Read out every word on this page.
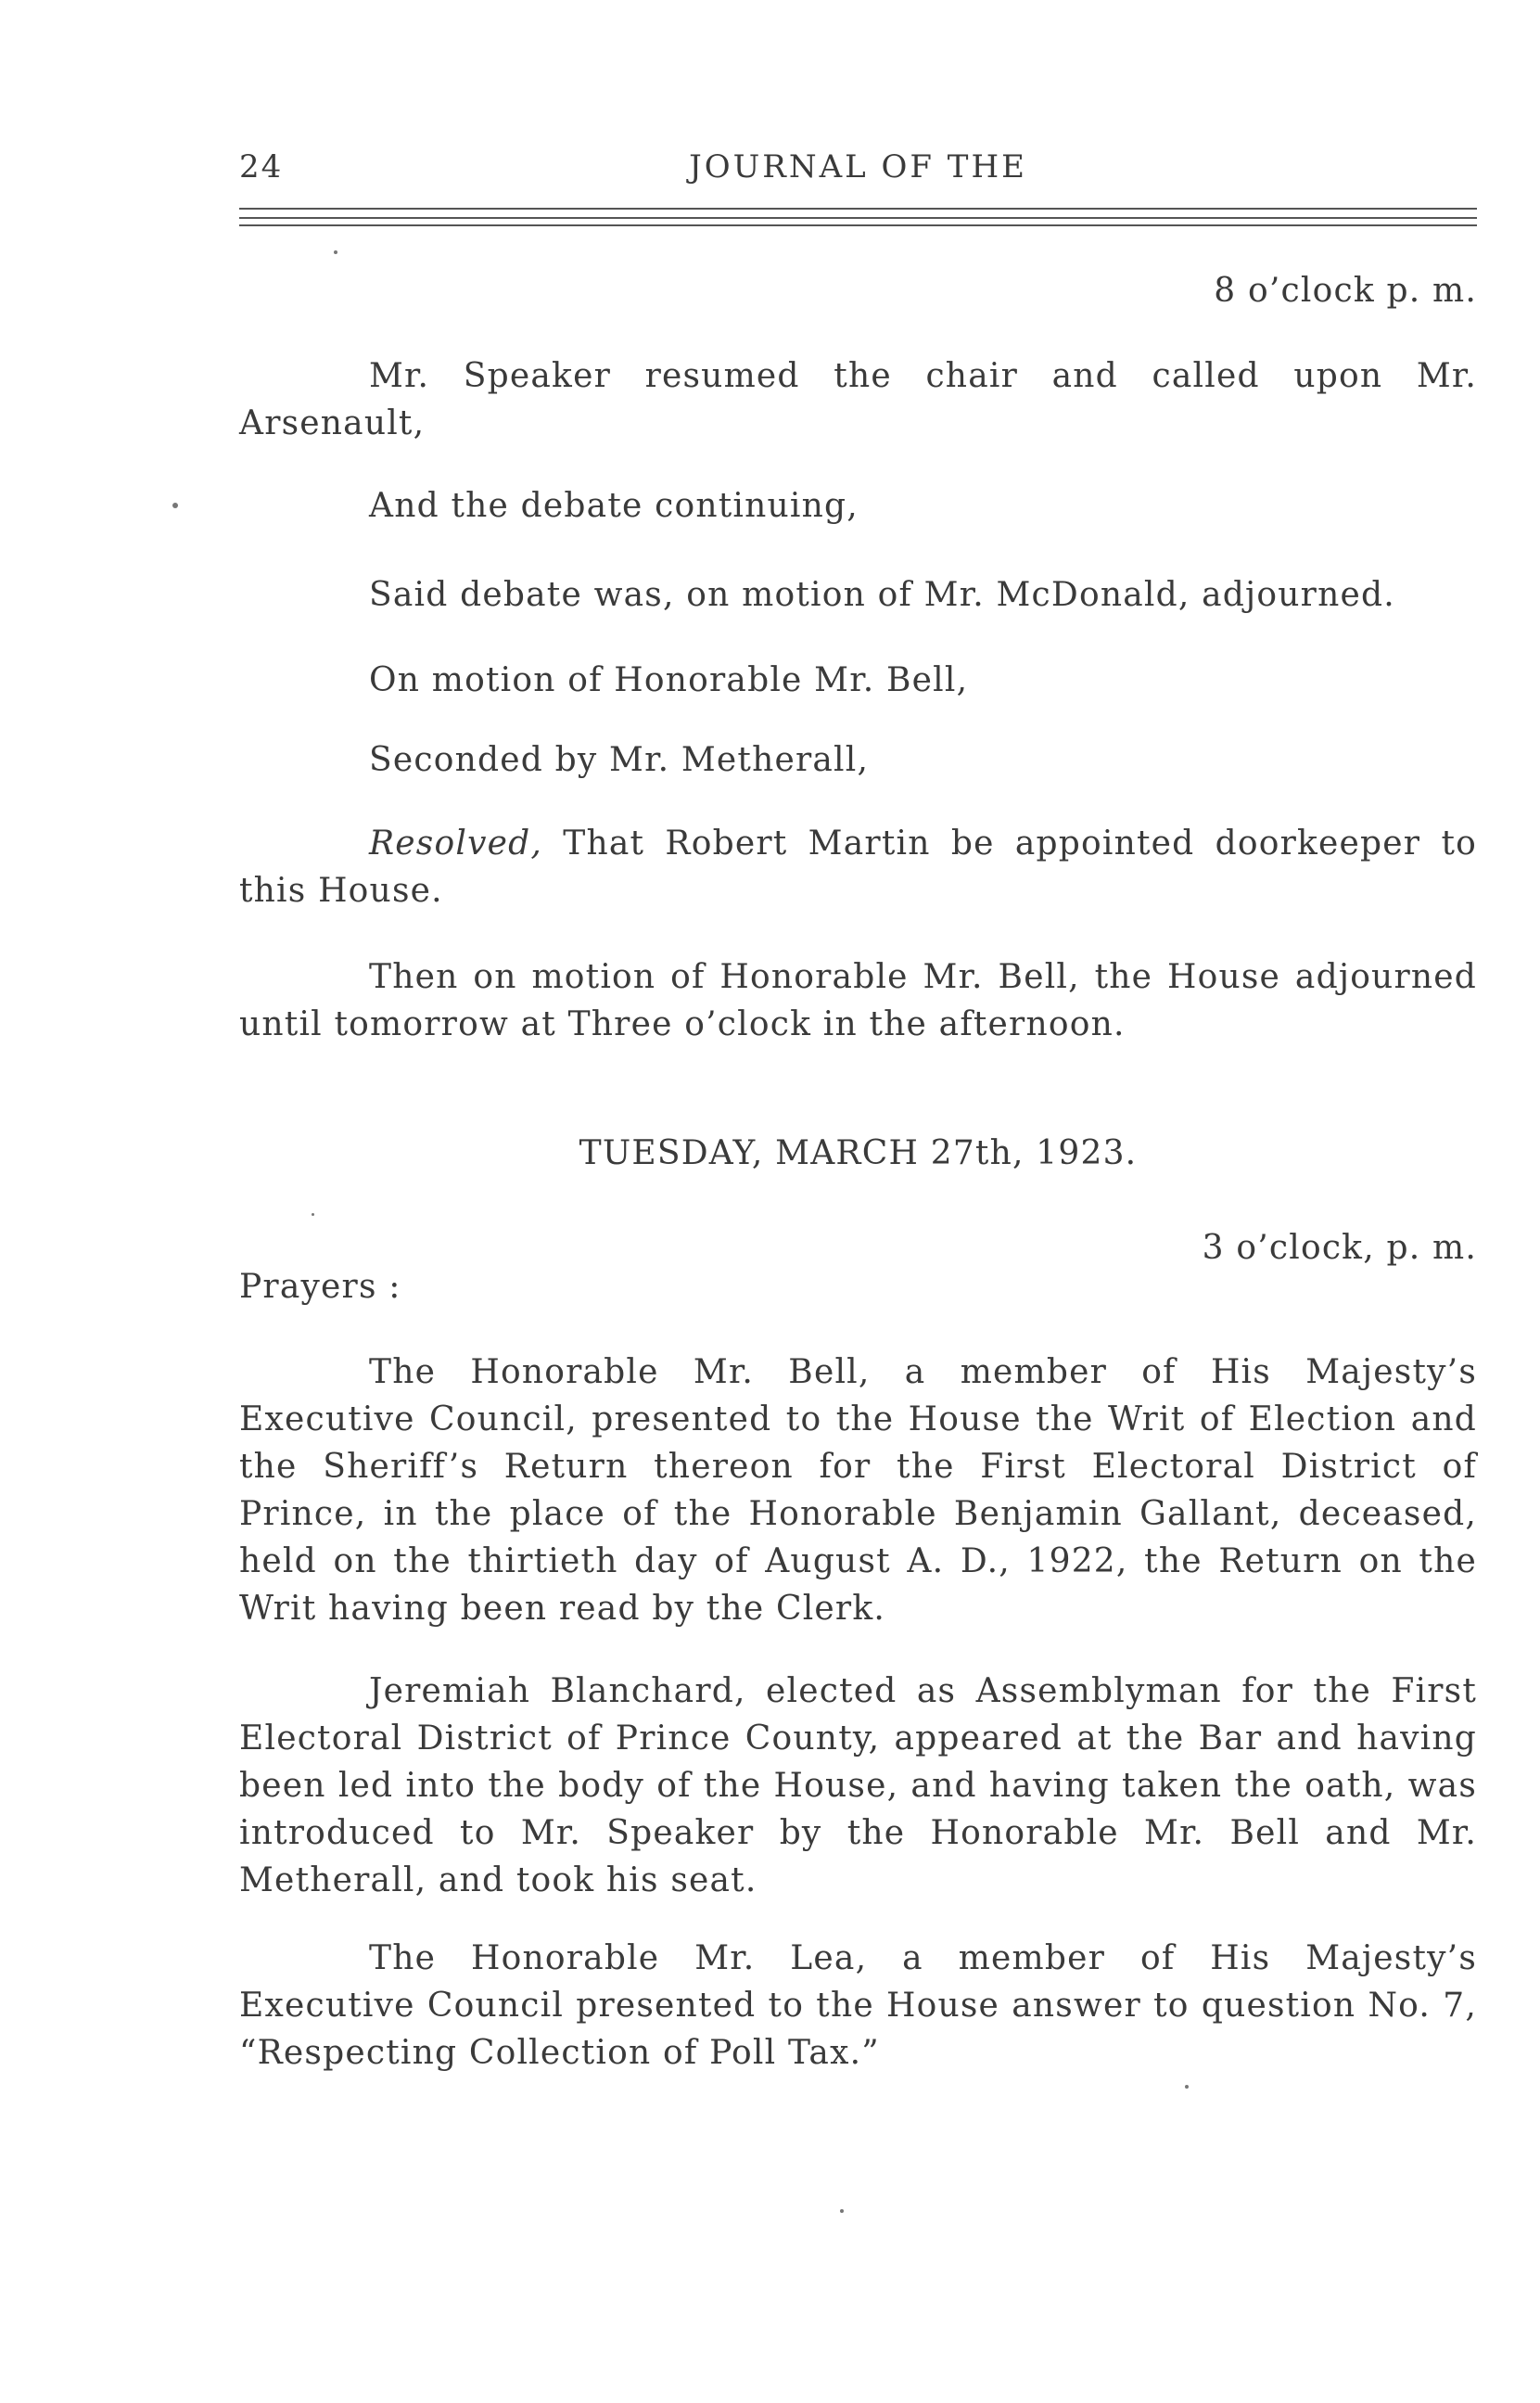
24	JOURNAL OF THE

8 o’clock p. m.

Mr. Speaker resumed the chair and called upon Mr. Arsenault,

And the debate continuing,

Said debate was, on motion of Mr. McDonald, adjourned.

On motion of Honorable Mr. Bell,

Seconded by Mr. Metherall,

Resolved, That Robert Martin be appointed doorkeeper to this House.

Then on motion of Honorable Mr. Bell, the House adjourned until tomorrow at Three o’clock in the afternoon.

TUESDAY, MARCH 27th, 1923.

3 o’clock, p. m.

Prayers :

The Honorable Mr. Bell, a member of His Majesty’s Executive Council, presented to the House the Writ of Election and the Sheriff’s Return thereon for the First Electoral District of Prince, in the place of the Honorable Benjamin Gallant, deceased, held on the thirtieth day of August A. D., 1922, the Return on the Writ having been read by the Clerk.

Jeremiah Blanchard, elected as Assemblyman for the First Electoral District of Prince County, appeared at the Bar and having been led into the body of the House, and having taken the oath, was introduced to Mr. Speaker by the Honorable Mr. Bell and Mr. Metherall, and took his seat.

The Honorable Mr. Lea, a member of His Majesty’s Executive Council presented to the House answer to question No. 7, “Respecting Collection of Poll Tax.”
